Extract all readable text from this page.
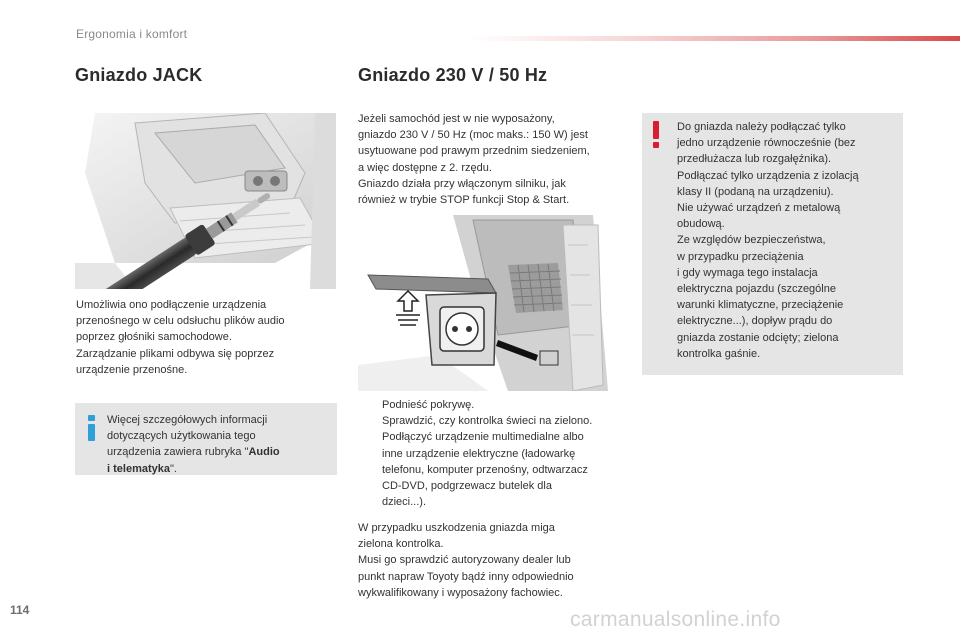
Ergonomia i komfort
Gniazdo JACK	Gniazdo 230 V / 50 Hz
Umożliwia ono podłączenie urządzenia
przenośnego w celu odsłuchu plików audio
poprzez głośniki samochodowe.
Zarządzanie plikami odbywa się poprzez
urządzenie przenośne.
Więcej szczegółowych informacji
dotyczących użytkowania tego
urządzenia zawiera rubryka "Audio
i telematyka".
Jeżeli samochód jest w nie wyposażony,
gniazdo 230 V / 50 Hz (moc maks.: 150 W) jest
usytuowane pod prawym przednim siedzeniem,
a więc dostępne z 2. rzędu.
Gniazdo działa przy włączonym silniku, jak
również w trybie STOP funkcji Stop & Start.
Podnieść pokrywę.
Sprawdzić, czy kontrolka świeci na zielono.
Podłączyć urządzenie multimedialne albo
inne urządzenie elektryczne (ładowarkę
telefonu, komputer przenośny, odtwarzacz
CD-DVD, podgrzewacz butelek dla
dzieci...).
W przypadku uszkodzenia gniazda miga
zielona kontrolka.
Musi go sprawdzić autoryzowany dealer lub
punkt napraw Toyoty bądź inny odpowiednio
wykwalifikowany i wyposażony fachowiec.
Do gniazda należy podłączać tylko
jedno urządzenie równocześnie (bez
przedłużacza lub rozgałęźnika).
Podłączać tylko urządzenia z izolacją
klasy II (podaną na urządzeniu).
Nie używać urządzeń z metalową
obudową.
Ze względów bezpieczeństwa,
w przypadku przeciążenia
i gdy wymaga tego instalacja
elektryczna pojazdu (szczególne
warunki klimatyczne, przeciążenie
elektryczne...), dopływ prądu do
gniazda zostanie odcięty; zielona
kontrolka gaśnie.
114	carmanualsonline.info
